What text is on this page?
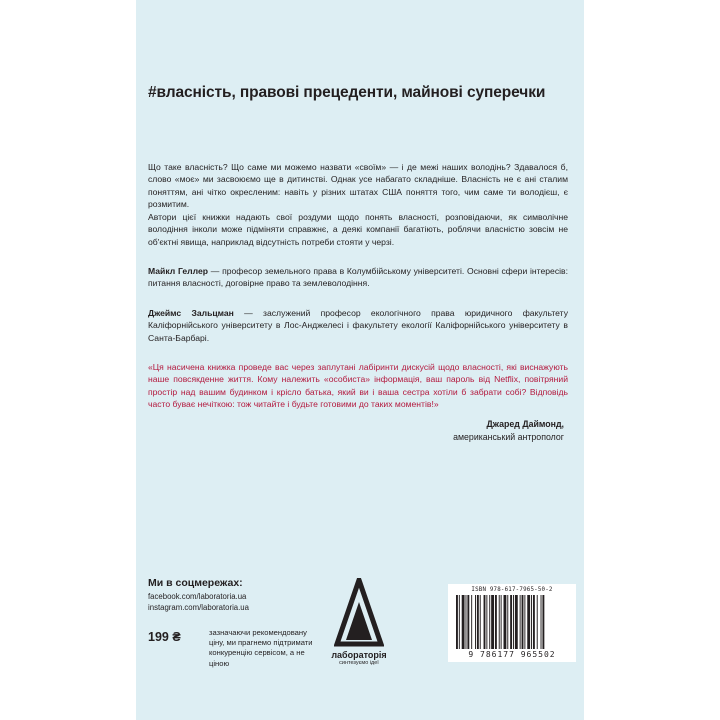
#власність, правові прецеденти, майнові суперечки

Що таке власність? Що саме ми можемо назвати «своїм» — і де межі наших володінь? Здавалося б, слово «моє» ми засвоюємо ще в дитинстві. Однак усе набагато складніше. Власність не є ані сталим поняттям, ані чітко окресленим: навіть у різних штатах США поняття того, чим саме ти володієш, є розмитим.

Автори цієї книжки надають свої роздуми щодо понять власності, розповідаючи, як символічне володіння інколи може підміняти справжнє, а деякі компанії багатіють, роблячи власністю зовсім не об'єктні явища, наприклад відсутність потреби стояти у черзі.

Майкл Геллер — професор земельного права в Колумбійському університеті. Основні сфери інтересів: питання власності, договірне право та землеволодіння.

Джеймс Зальцман — заслужений професор екологічного права юридичного факультету Каліфорнійського університету в Лос-Анджелесі і факультету екології Каліфорнійського університету в Санта-Барбарі.

«Ця насичена книжка проведе вас через заплутані лабіринти дискусій щодо власності, які виснажують наше повсякденне життя. Кому належить «особиста» інформація, ваш пароль від Netflix, повітряний простір над вашим будинком і крісло батька, який ви і ваша сестра хотіли б забрати собі? Відповідь часто буває нечіткою: тож читайте і будьте готовими до таких моментів!»

Джаред Даймонд,
американський антрополог
Ми в соцмережах:
facebook.com/laboratoria.ua
instagram.com/laboratoria.ua
199 ₴	зазначаючи рекомендовану ціну, ми прагнемо підтримати конкуренцію сервісом, а не ціною
лабораторія
синтезуємо ідеї
ISBN 978-617-7965-50-2
9 786177 965502
